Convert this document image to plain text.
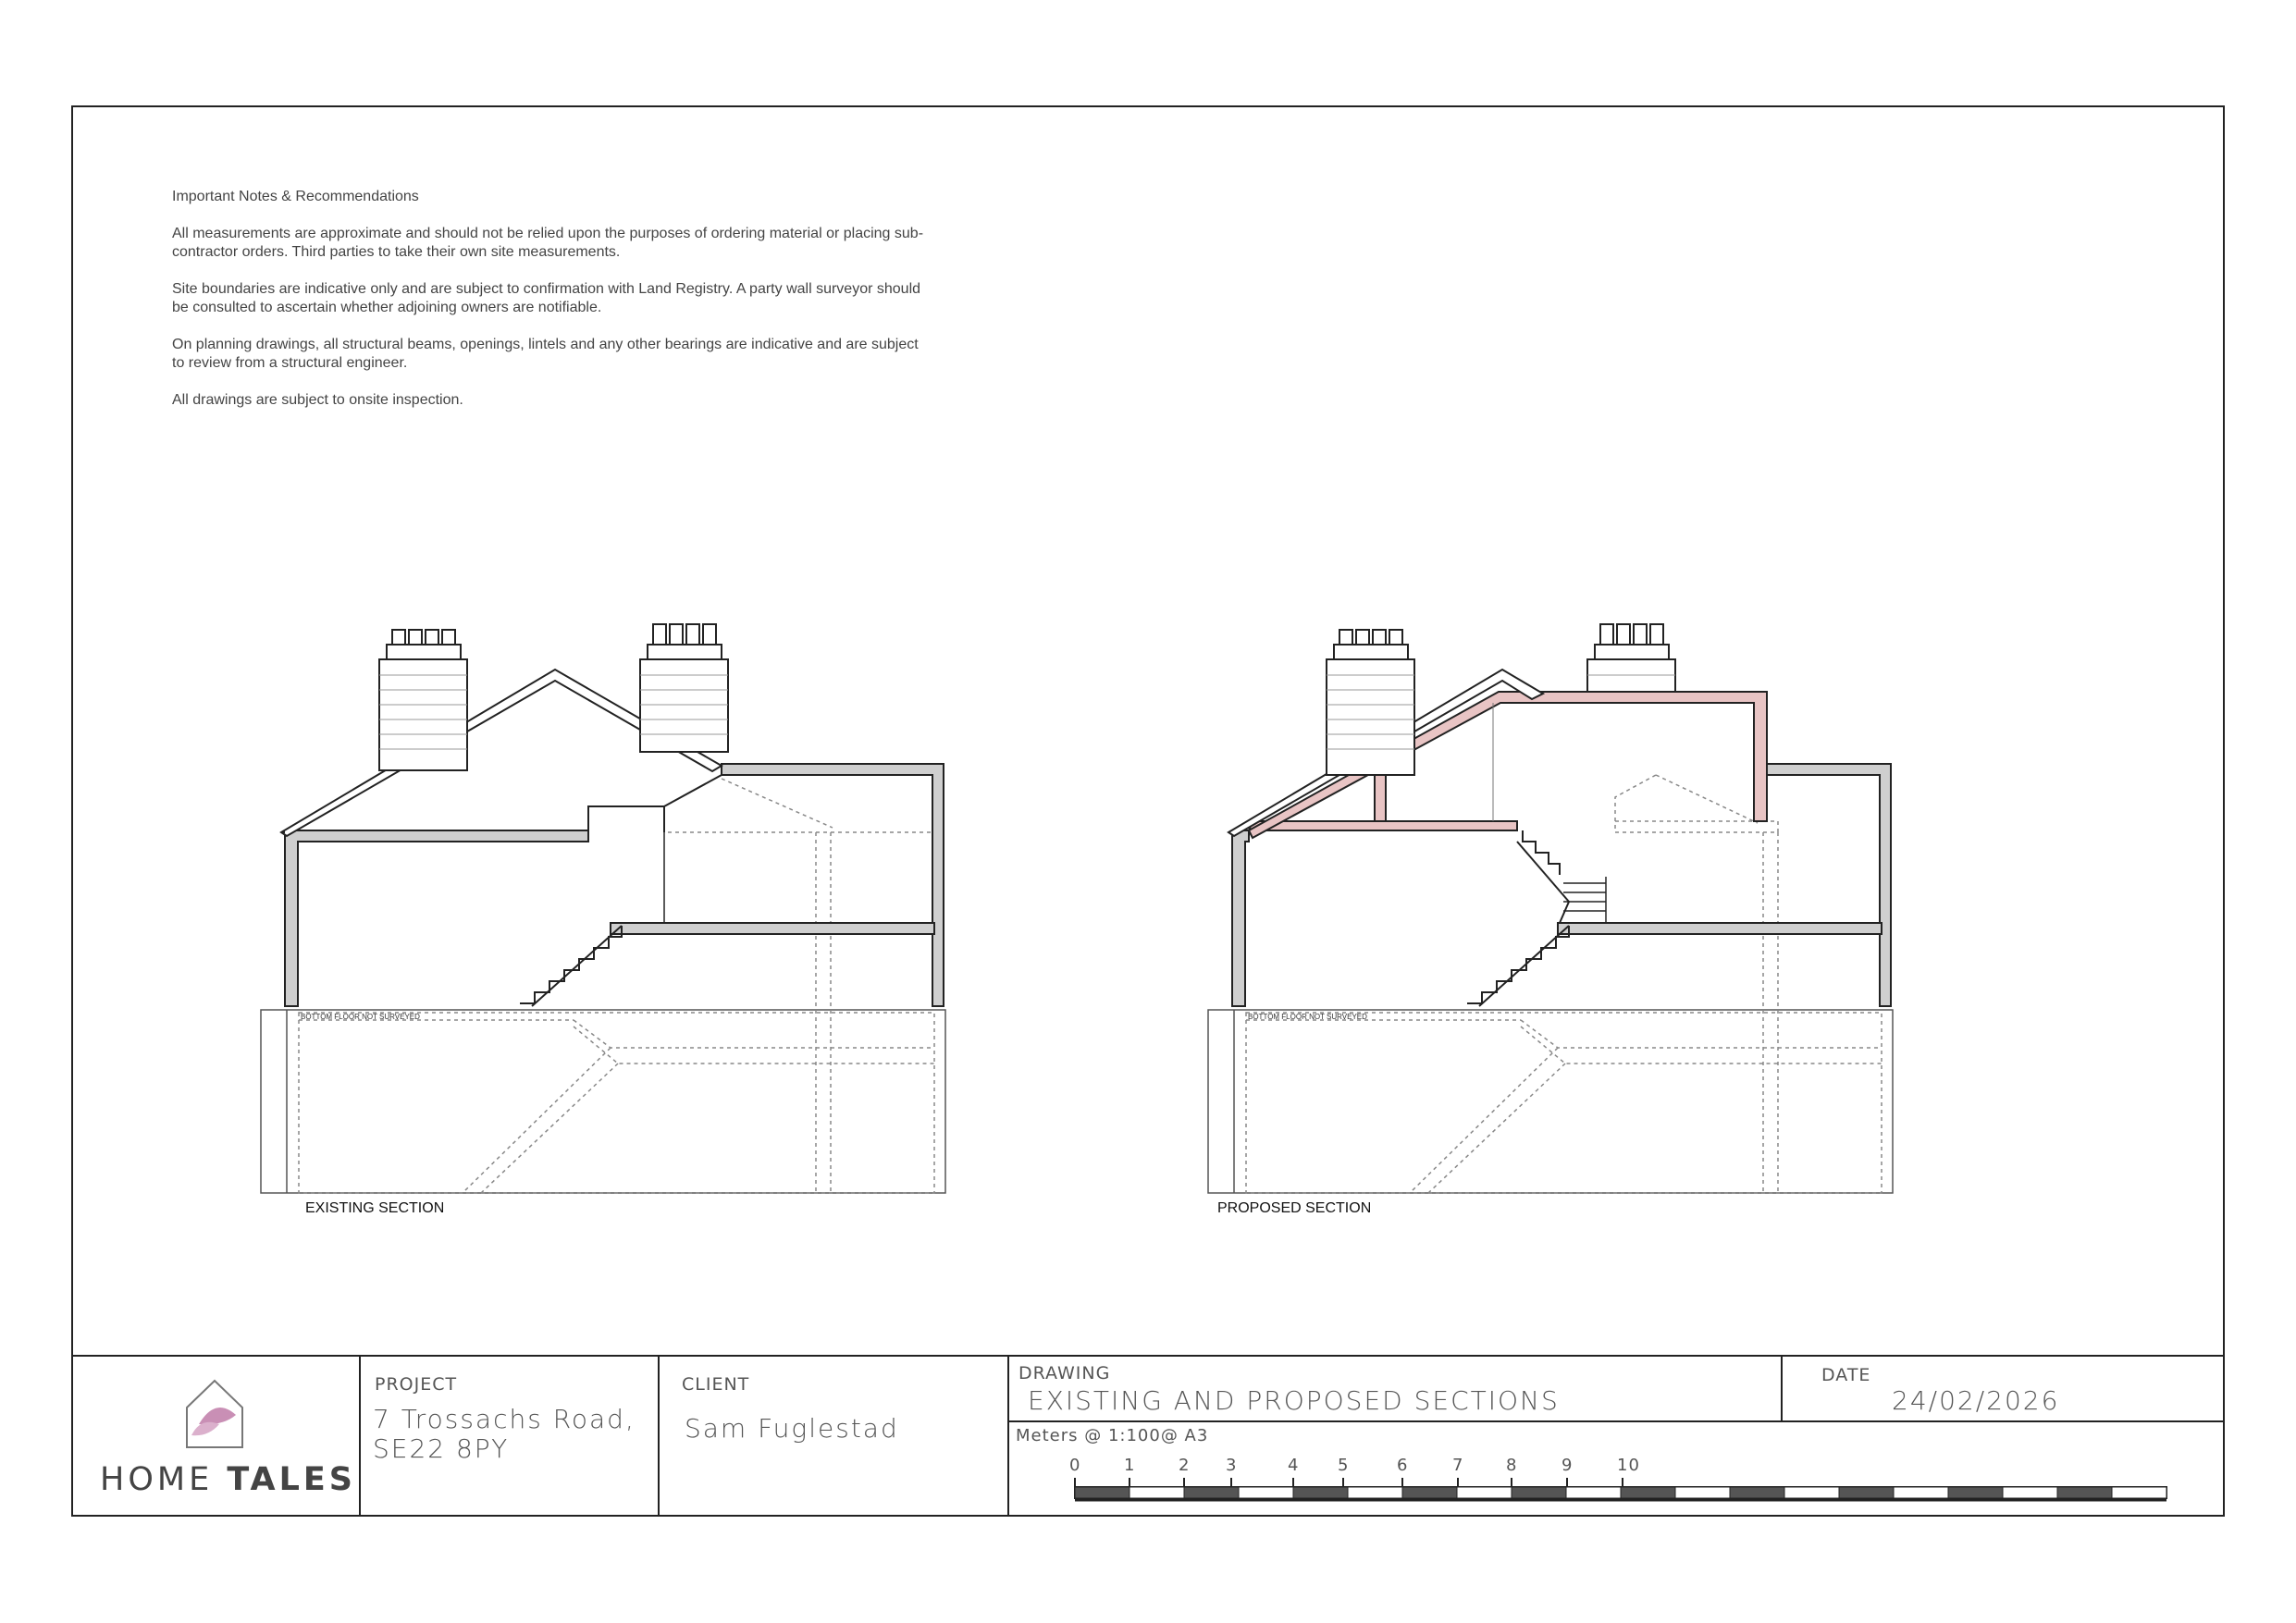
BOTTOM FLOOR NOT SURVEYED	BOTTOM FLOOR NOT SURVEYED

Important Notes & Recommendations

All measurements are approximate and should not be relied upon the purposes of ordering material or placing sub-contractor orders. Third parties to take their own site measurements.

Site boundaries are indicative only and are subject to confirmation with Land Registry. A party wall surveyor should be consulted to ascertain whether adjoining owners are notifiable.

On planning drawings, all structural beams, openings, lintels and any other bearings are indicative and are subject to review from a structural engineer.

All drawings are subject to onsite inspection.

EXISTING SECTION	PROPOSED SECTION
HOME TALES
PROJECT
7 Trossachs Road,
SE22 8PY
CLIENT
Sam Fuglestad
DRAWING
EXISTING AND PROPOSED SECTIONS
DATE
24/02/2026
Meters @ 1:100@ A3
0	1	2 3	4 5	6	7	8	9	10
